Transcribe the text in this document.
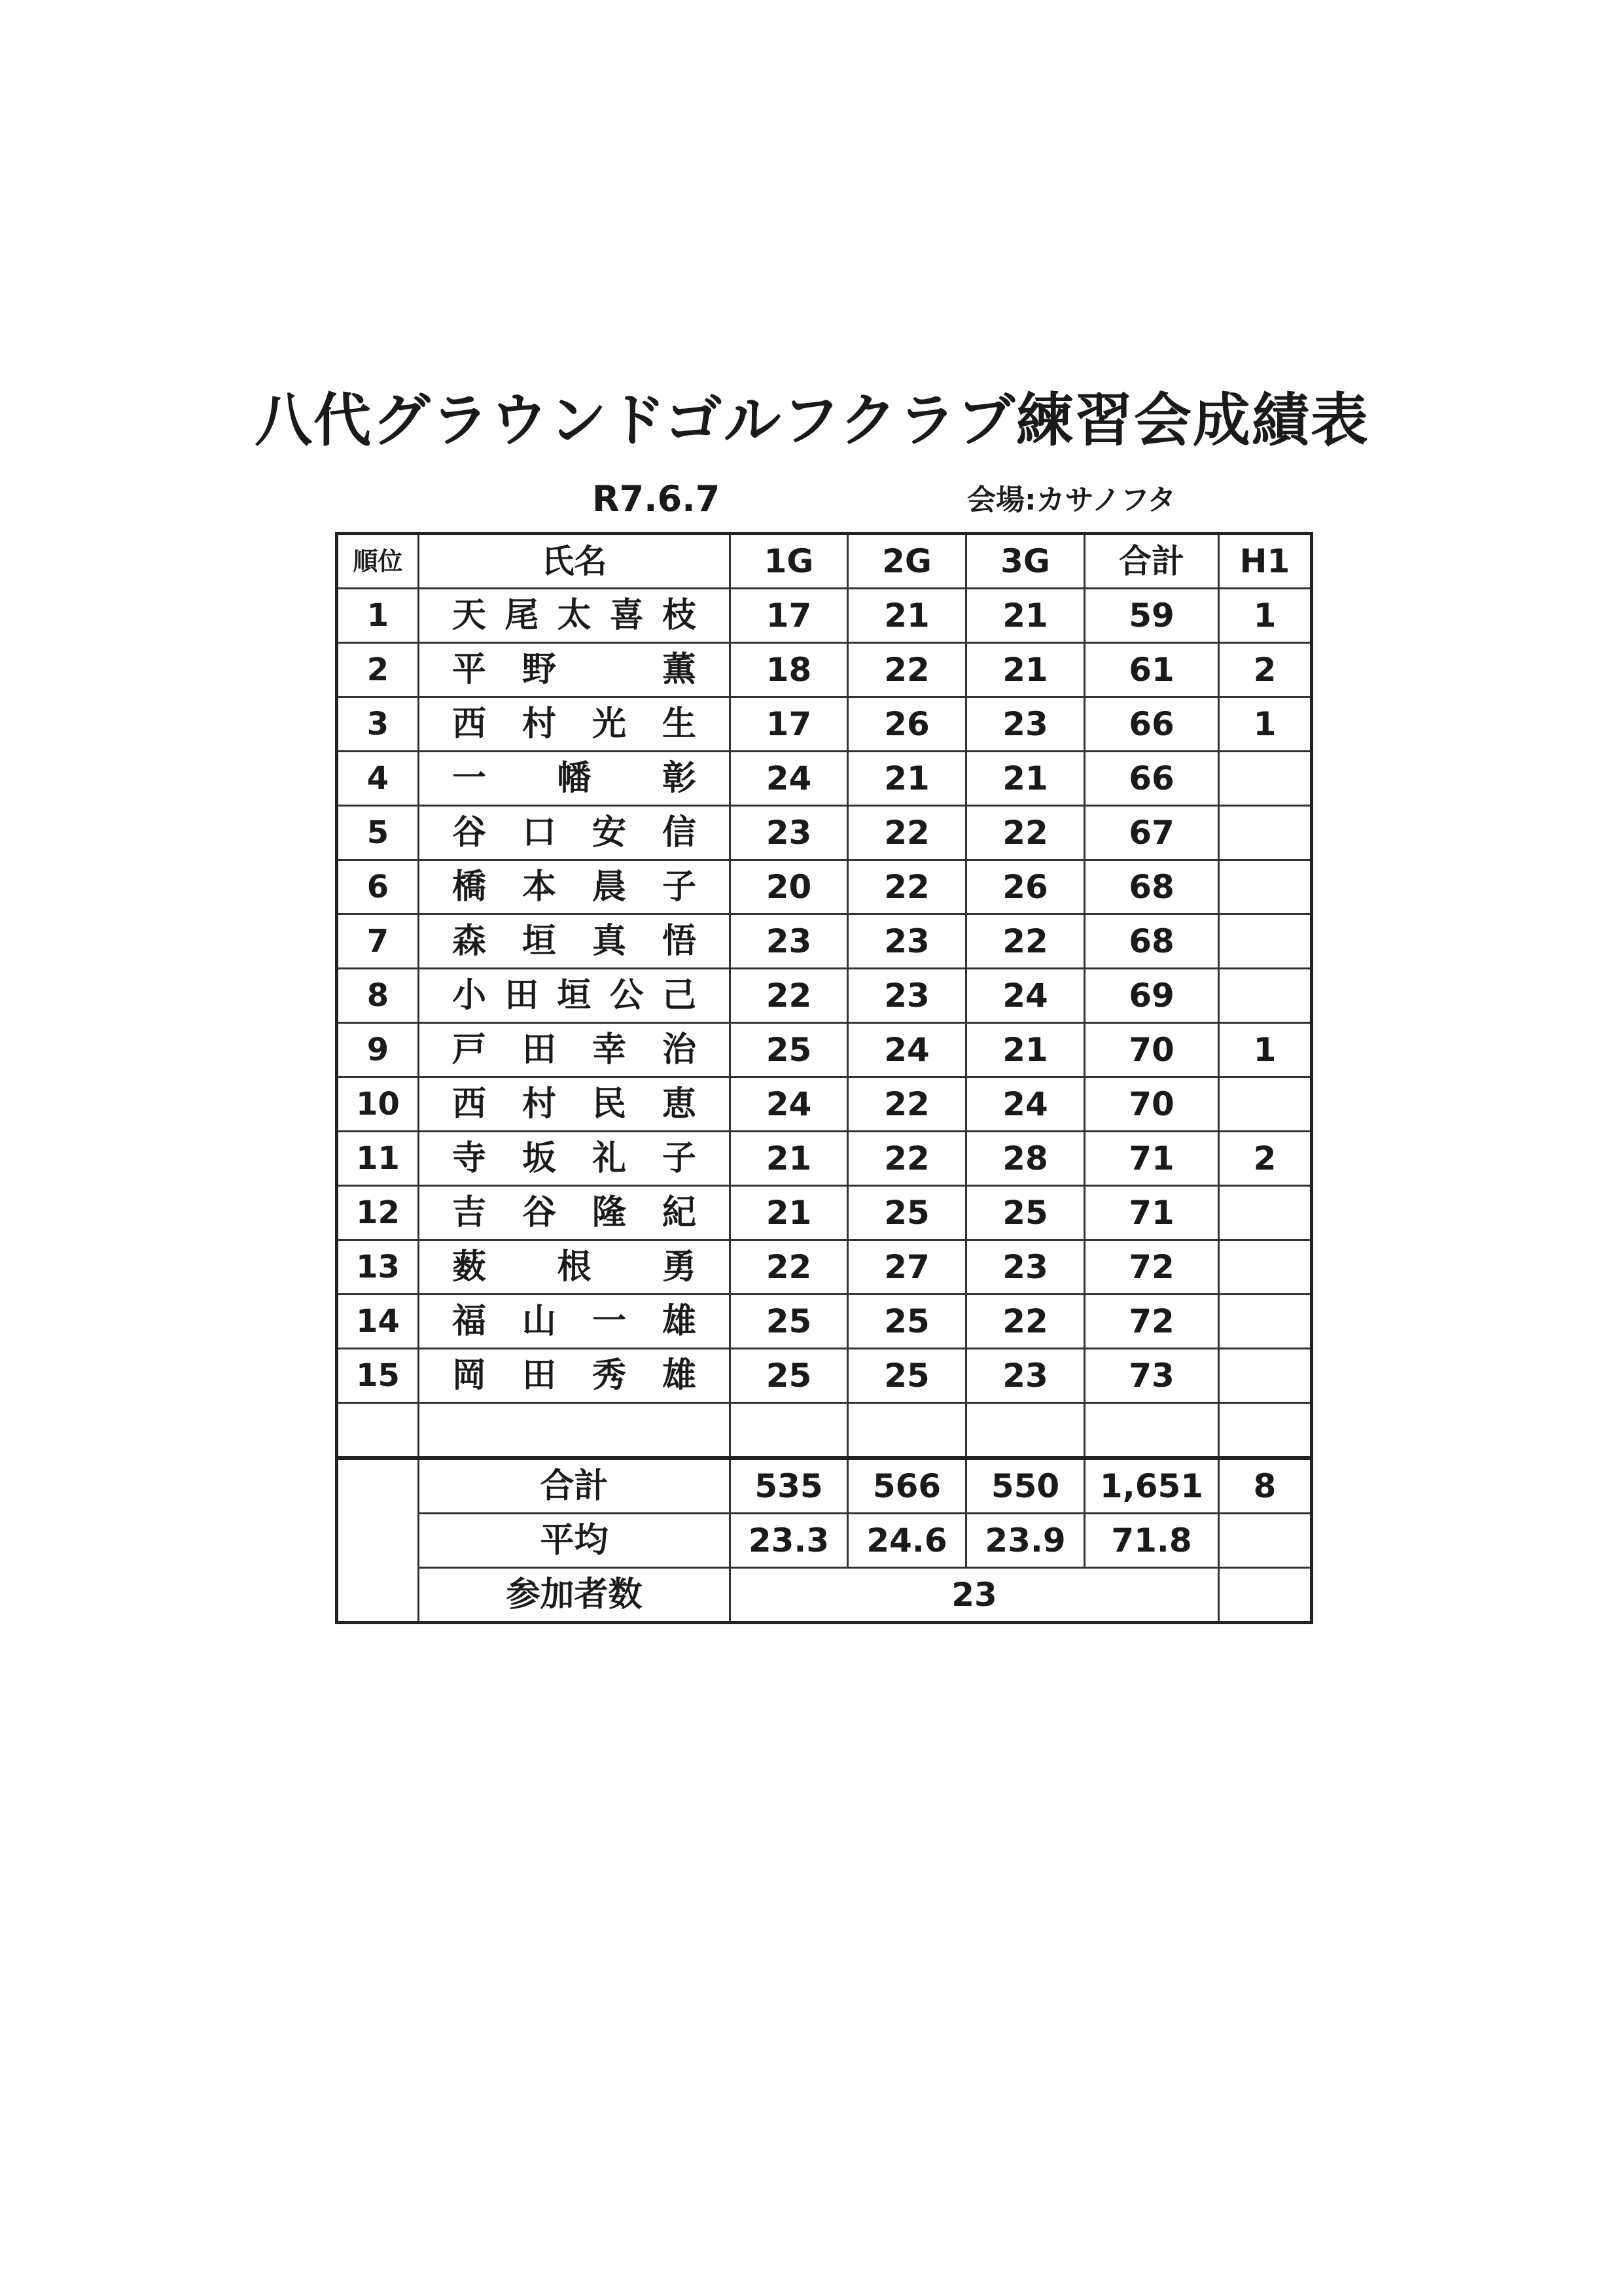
八代グラウンドゴルフクラブ練習会成績表
R7.6.7	会場:カサノフタ
順位	氏名	1G	2G	3G	合計	H1
1	天尾太喜枝	17	21	21	59	1
2	平野　薫	18	22	21	61	2
3	西村光生	17	26	23	66	1
4	一　幡　彰	24	21	21	66	
5	谷口安信	23	22	22	67	
6	橋本晨子	20	22	26	68	
7	森垣真悟	23	23	22	68	
8	小田垣公己	22	23	24	69	
9	戸田幸治	25	24	21	70	1
10	西村民恵	24	22	24	70	
11	寺坂礼子	21	22	28	71	2
12	吉谷隆紀	21	25	25	71	
13	薮　根　勇	22	27	23	72	
14	福山一雄	25	25	22	72	
15	岡田秀雄	25	25	23	73	

	合計	535	566	550	1,651	8
	平均	23.3	24.6	23.9	71.8	
	参加者数	23				
